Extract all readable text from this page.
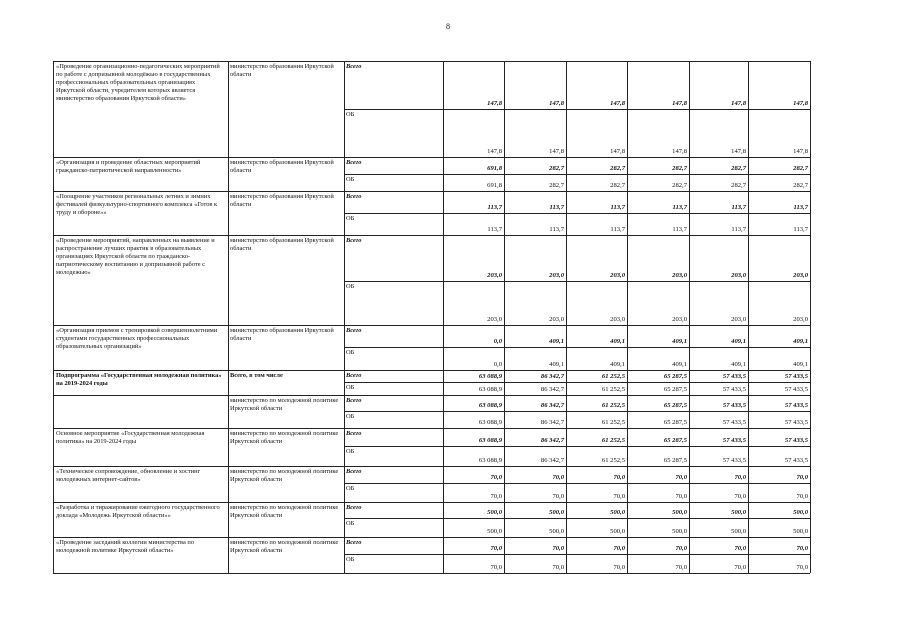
8
«Проведение организационно-педагогических мероприятий по работе с допризывной молодёжью в государственных профессиональных образовательных организациях Иркутской области, учредителем которых является министерство образования Иркутской области»
министерство образования Иркутской области
Всего
ОБ
147,8
147,8
147,8
147,8
147,8
147,8
147,8
147,8
147,8
147,8
147,8
147,8
«Организация и проведение областных мероприятий гражданско-патриотической направленности»
министерство образования Иркутской области
Всего
ОБ
691,8
691,8
282,7
282,7
282,7
282,7
282,7
282,7
282,7
282,7
282,7
282,7
«Поощрение участников региональных летних и зимних фестивалей физкультурно-спортивного комплекса «Готов к труду и обороне»»
министерство образования Иркутской области
Всего
ОБ
113,7
113,7
113,7
113,7
113,7
113,7
113,7
113,7
113,7
113,7
113,7
113,7
«Проведение мероприятий, направленных на выявление и распространение лучших практик в образовательных организациях Иркутской области по гражданско-патриотическому воспитанию и допризывной работе с молодежью»
министерство образования Иркутской области
Всего
ОБ
203,0
203,0
203,0
203,0
203,0
203,0
203,0
203,0
203,0
203,0
203,0
203,0
«Организация приемов с тренировкой совершеннолетними студентами государственных профессиональных образовательных организаций»
министерство образования Иркутской области
Всего
ОБ
0,0
0,0
409,1
409,1
409,1
409,1
409,1
409,1
409,1
409,1
409,1
409,1
Подпрограмма «Государственная молодежная политика» на 2019-2024 годы
Всего, в том числе	Всего
ОБ
63 088,9
63 088,9
86 342,7
86 342,7
61 252,5
61 252,5
65 287,5
65 287,5
57 433,5
57 433,5
57 433,5
57 433,5
министерство по молодежной политике Иркутской области
Всего
ОБ
63 088,9
63 088,9
86 342,7
86 342,7
61 252,5
61 252,5
65 287,5
65 287,5
57 433,5
57 433,5
57 433,5
57 433,5
Основное мероприятие «Государственная молодежная политика» на 2019-2024 годы
министерство по молодежной политике Иркутской области
Всего
ОБ
63 088,9
63 088,9
86 342,7
86 342,7
61 252,5
61 252,5
65 287,5
65 287,5
57 433,5
57 433,5
57 433,5
57 433,5
«Техническое сопровождение, обновление и хостинг молодежных интернет-сайтов»
министерство по молодежной политике Иркутской области
Всего
ОБ
70,0
70,0
70,0
70,0
70,0
70,0
70,0
70,0
70,0
70,0
70,0
70,0
«Разработка и тиражирование ежегодного государственного доклада «Молодежь Иркутской области»»
министерство по молодежной политике Иркутской области
Всего
ОБ
500,0
500,0
500,0
500,0
500,0
500,0
500,0
500,0
500,0
500,0
500,0
500,0
«Проведение заседаний коллегии министерства по молодежной политике Иркутской области»
министерство по молодежной политике Иркутской области
Всего
ОБ
70,0
70,0
70,0
70,0
70,0
70,0
70,0
70,0
70,0
70,0
70,0
70,0
